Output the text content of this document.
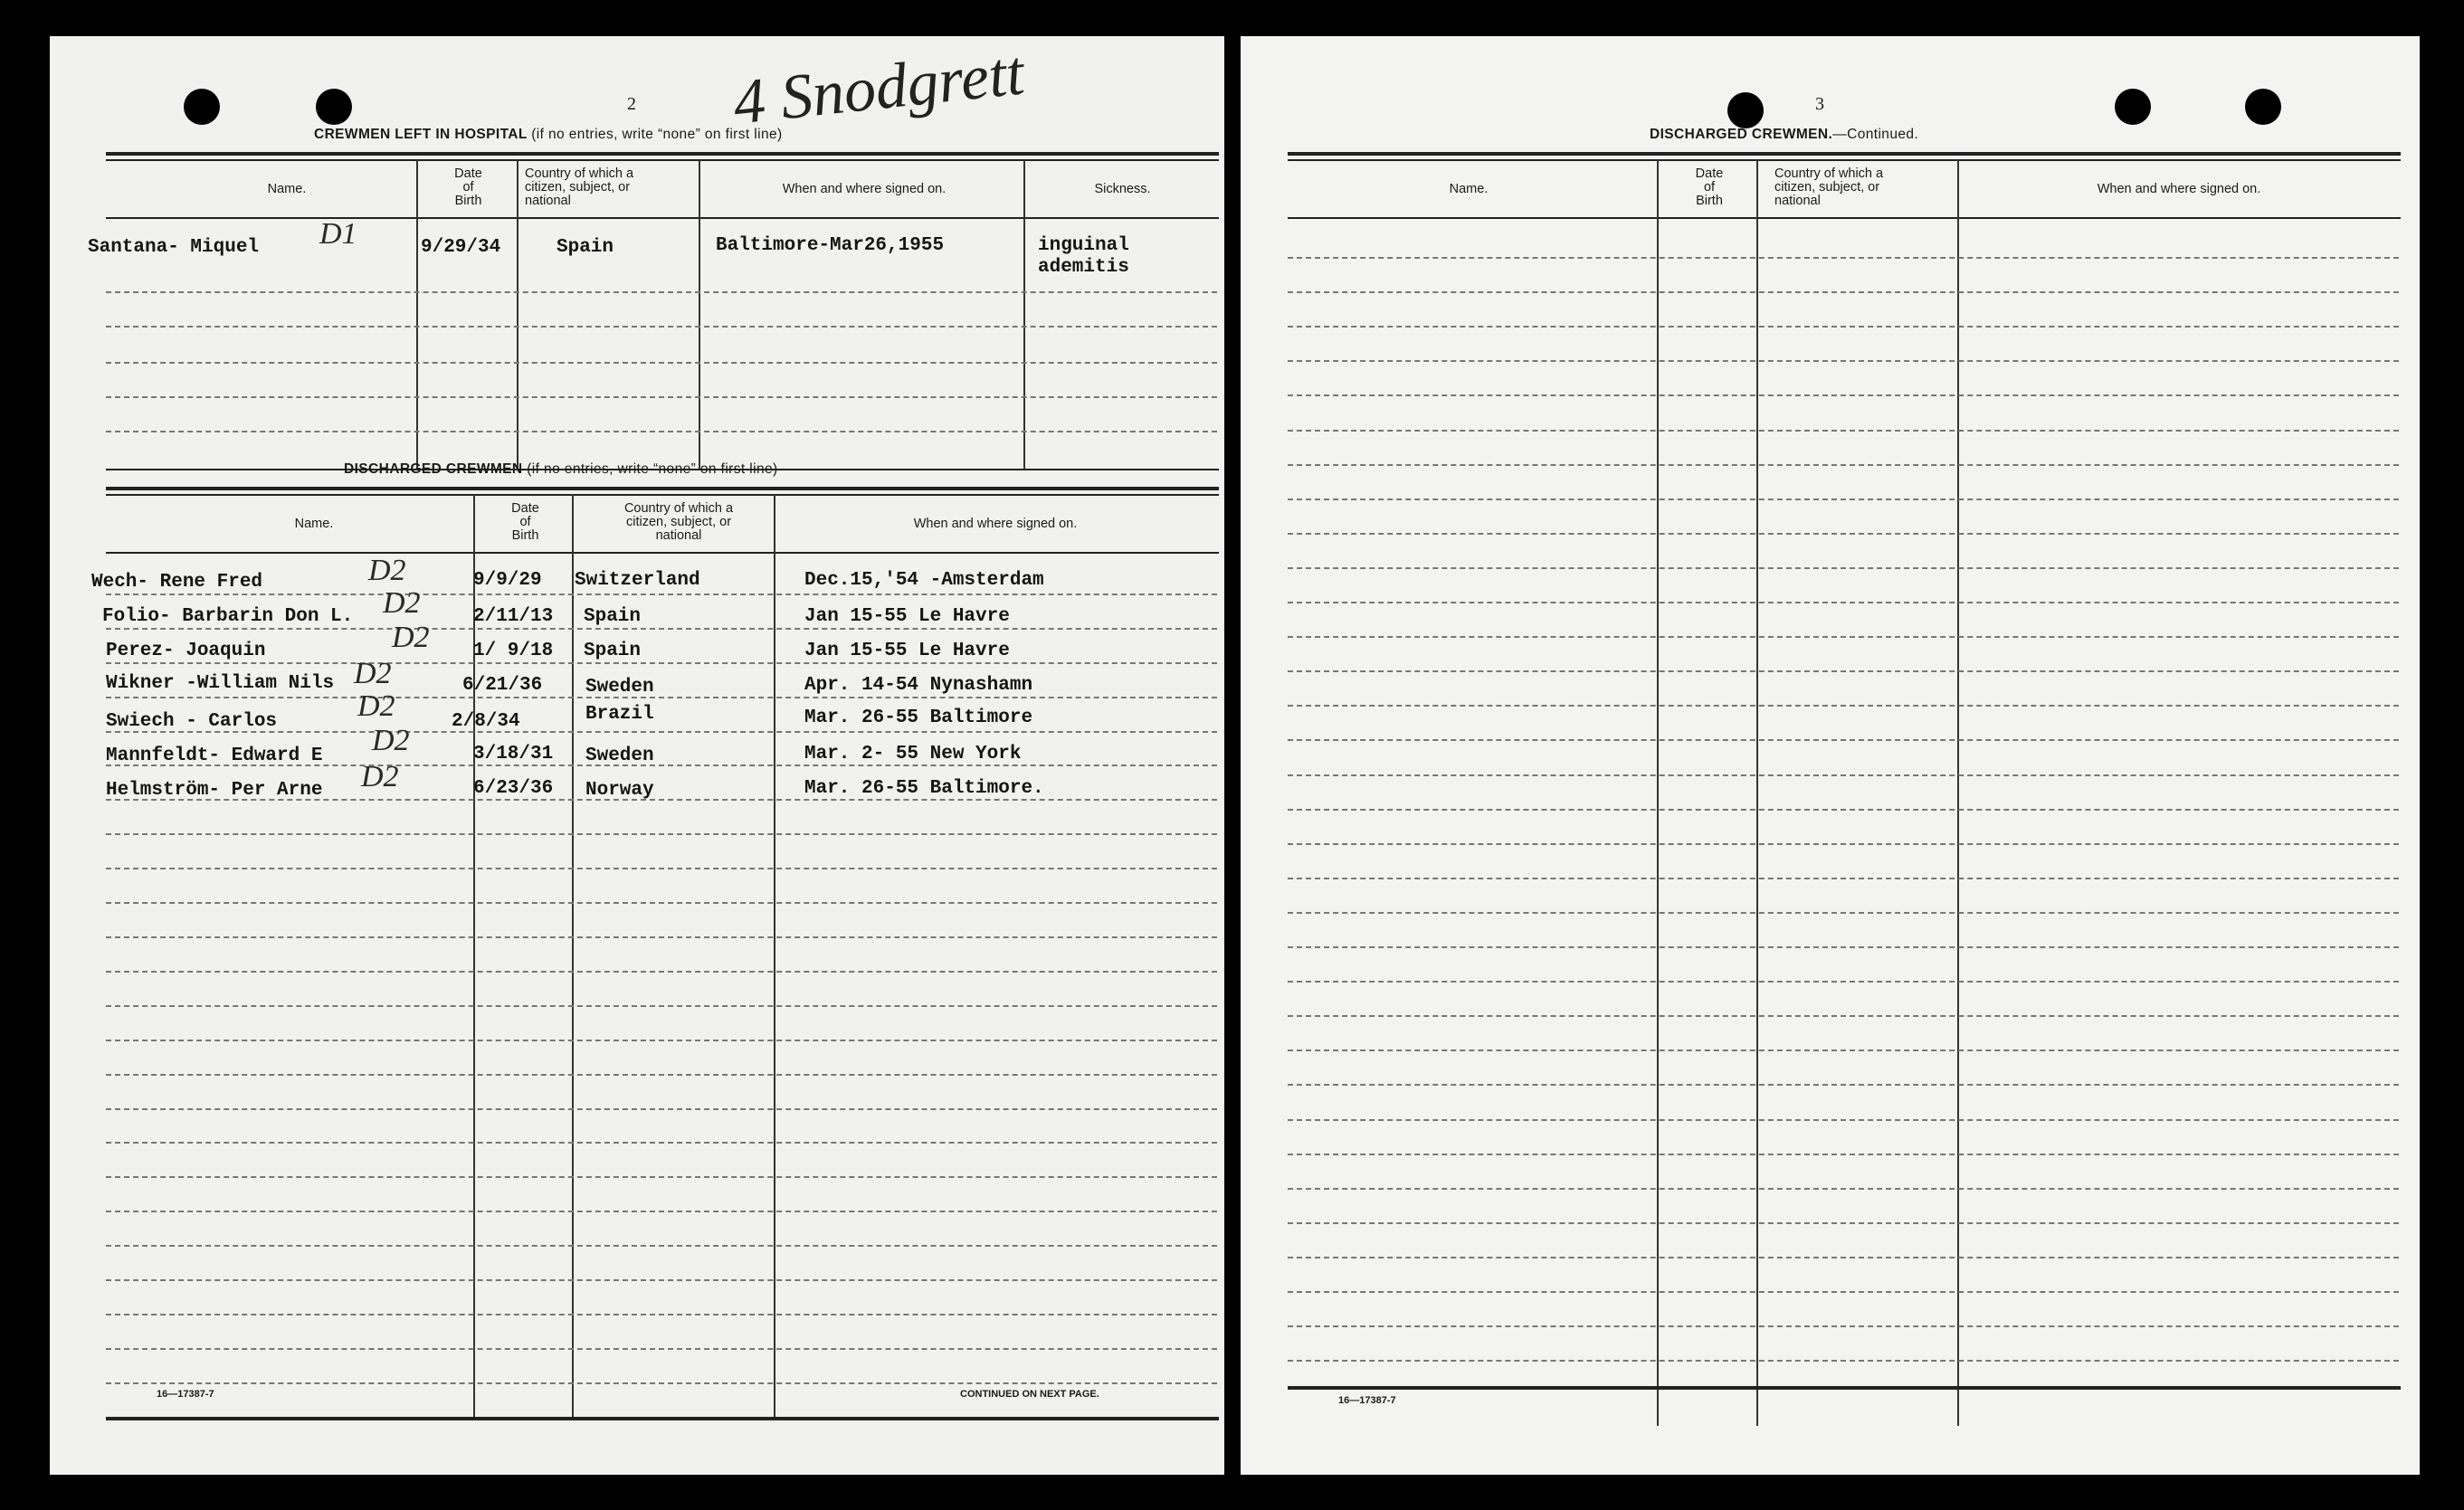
2 4 Snodgrett
CREWMEN LEFT IN HOSPITAL (if no entries, write “none” on first line)
Name.
Date
of
Birth
Country of which a
citizen, subject, or
national
When and where signed on.	Sickness.
Santana- Miquel D1	9/29/34	Spain	Baltimore-Mar26,1955	inguinal
ademitis
DISCHARGED CREWMEN (if no entries, write “none” on first line)
Name.
Date
of
Birth
Country of which a
citizen, subject, or
national
When and where signed on.
Wech- Rene Fred	D2	9/9/29 Switzerland	Dec.15,'54 -Amsterdam
Folio- Barbarin Don L. D2	2/11/13 Spain	Jan 15-55 Le Havre
Perez- Joaquin	D2 1/ 9/18 Spain	Jan 15-55 Le Havre
Wikner -William Nils D2	6/21/36 Sweden	Apr. 14-54 Nynashamn
Swiech - Carlos	D2	2/8/34	Brazil	Mar. 26-55 Baltimore
Mannfeldt- Edward E D2	3/18/31 Sweden	Mar. 2- 55 New York
Helmström- Per Arne D2	6/23/36 Norway	Mar. 26-55 Baltimore.
16—17387-7	CONTINUED ON NEXT PAGE.
3
DISCHARGED CREWMEN.—Continued.
Name.
Date
of
Birth
Country of which a
citizen, subject, or
national
When and where signed on.
16—17387-7
